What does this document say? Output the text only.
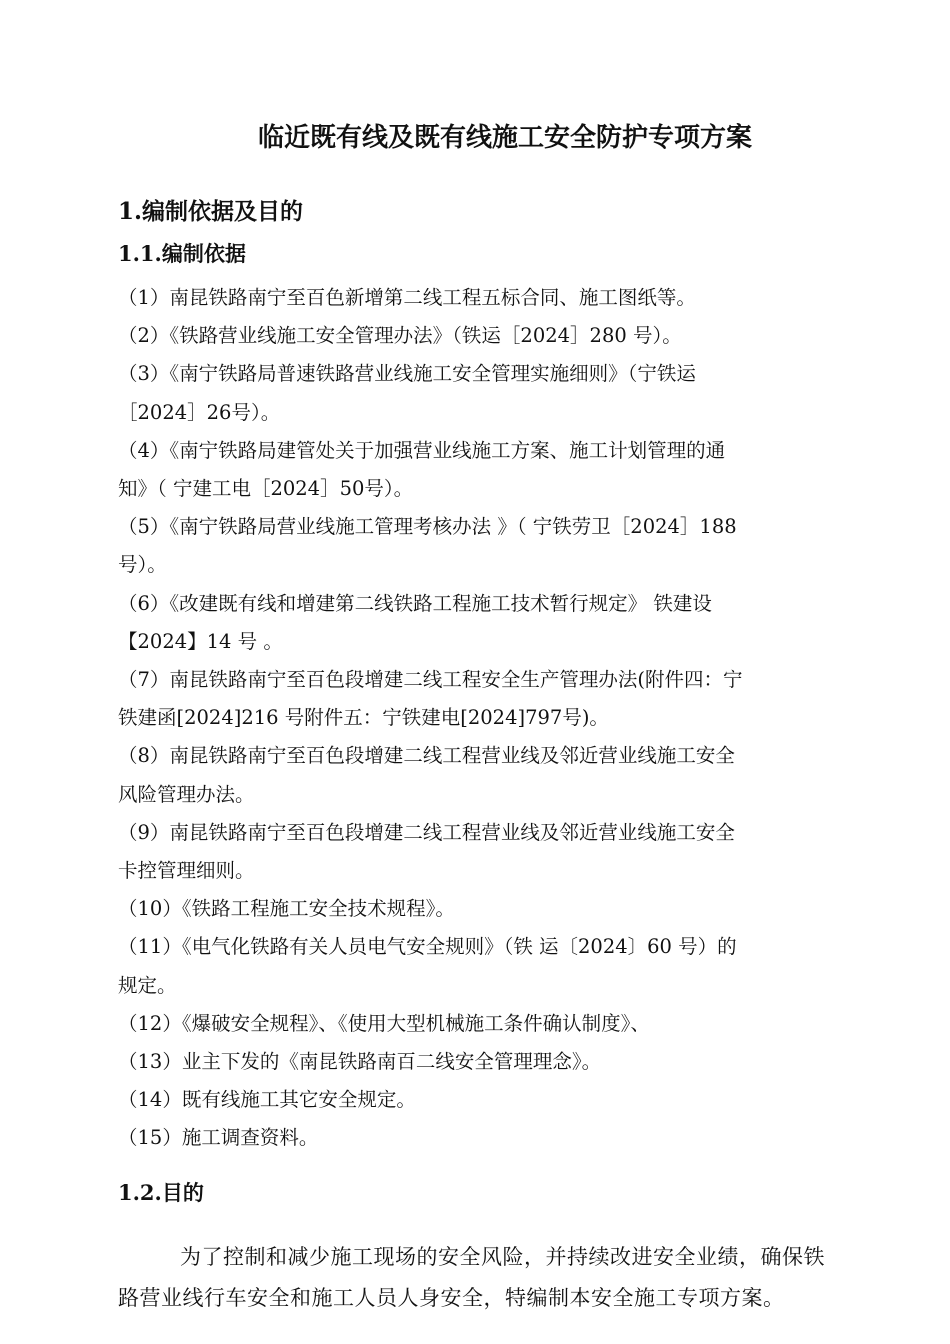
临近既有线及既有线施工安全防护专项方案
1.编制依据及目的
1.1.编制依据
（1）南昆铁路南宁至百色新增第二线工程五标合同、施工图纸等。
（2）《铁路营业线施工安全管理办法》（铁运［2024］280 号）。
（3）《南宁铁路局普速铁路营业线施工安全管理实施细则》（宁铁运
［2024］26号）。
（4）《南宁铁路局建管处关于加强营业线施工方案、施工计划管理的通
知》（ 宁建工电［2024］50号）。
（5）《南宁铁路局营业线施工管理考核办法 》（ 宁铁劳卫［2024］188
号）。
（6）《改建既有线和增建第二线铁路工程施工技术暂行规定》 铁建设
【2024】14 号 。
（7）南昆铁路南宁至百色段增建二线工程安全生产管理办法(附件四：宁
铁建函[2024]216 号附件五：宁铁建电[2024]797号)。
（8）南昆铁路南宁至百色段增建二线工程营业线及邻近营业线施工安全
风险管理办法。
（9）南昆铁路南宁至百色段增建二线工程营业线及邻近营业线施工安全
卡控管理细则。
（10）《铁路工程施工安全技术规程》。
（11）《电气化铁路有关人员电气安全规则》（铁 运〔2024〕60 号）的
规定。
（12）《爆破安全规程》、《使用大型机械施工条件确认制度》、
（13）业主下发的《南昆铁路南百二线安全管理理念》。
（14）既有线施工其它安全规定。
（15）施工调查资料。
1.2.目的

为了控制和减少施工现场的安全风险，并持续改进安全业绩，确保铁路营业线行车安全和施工人员人身安全，特编制本安全施工专项方案。
